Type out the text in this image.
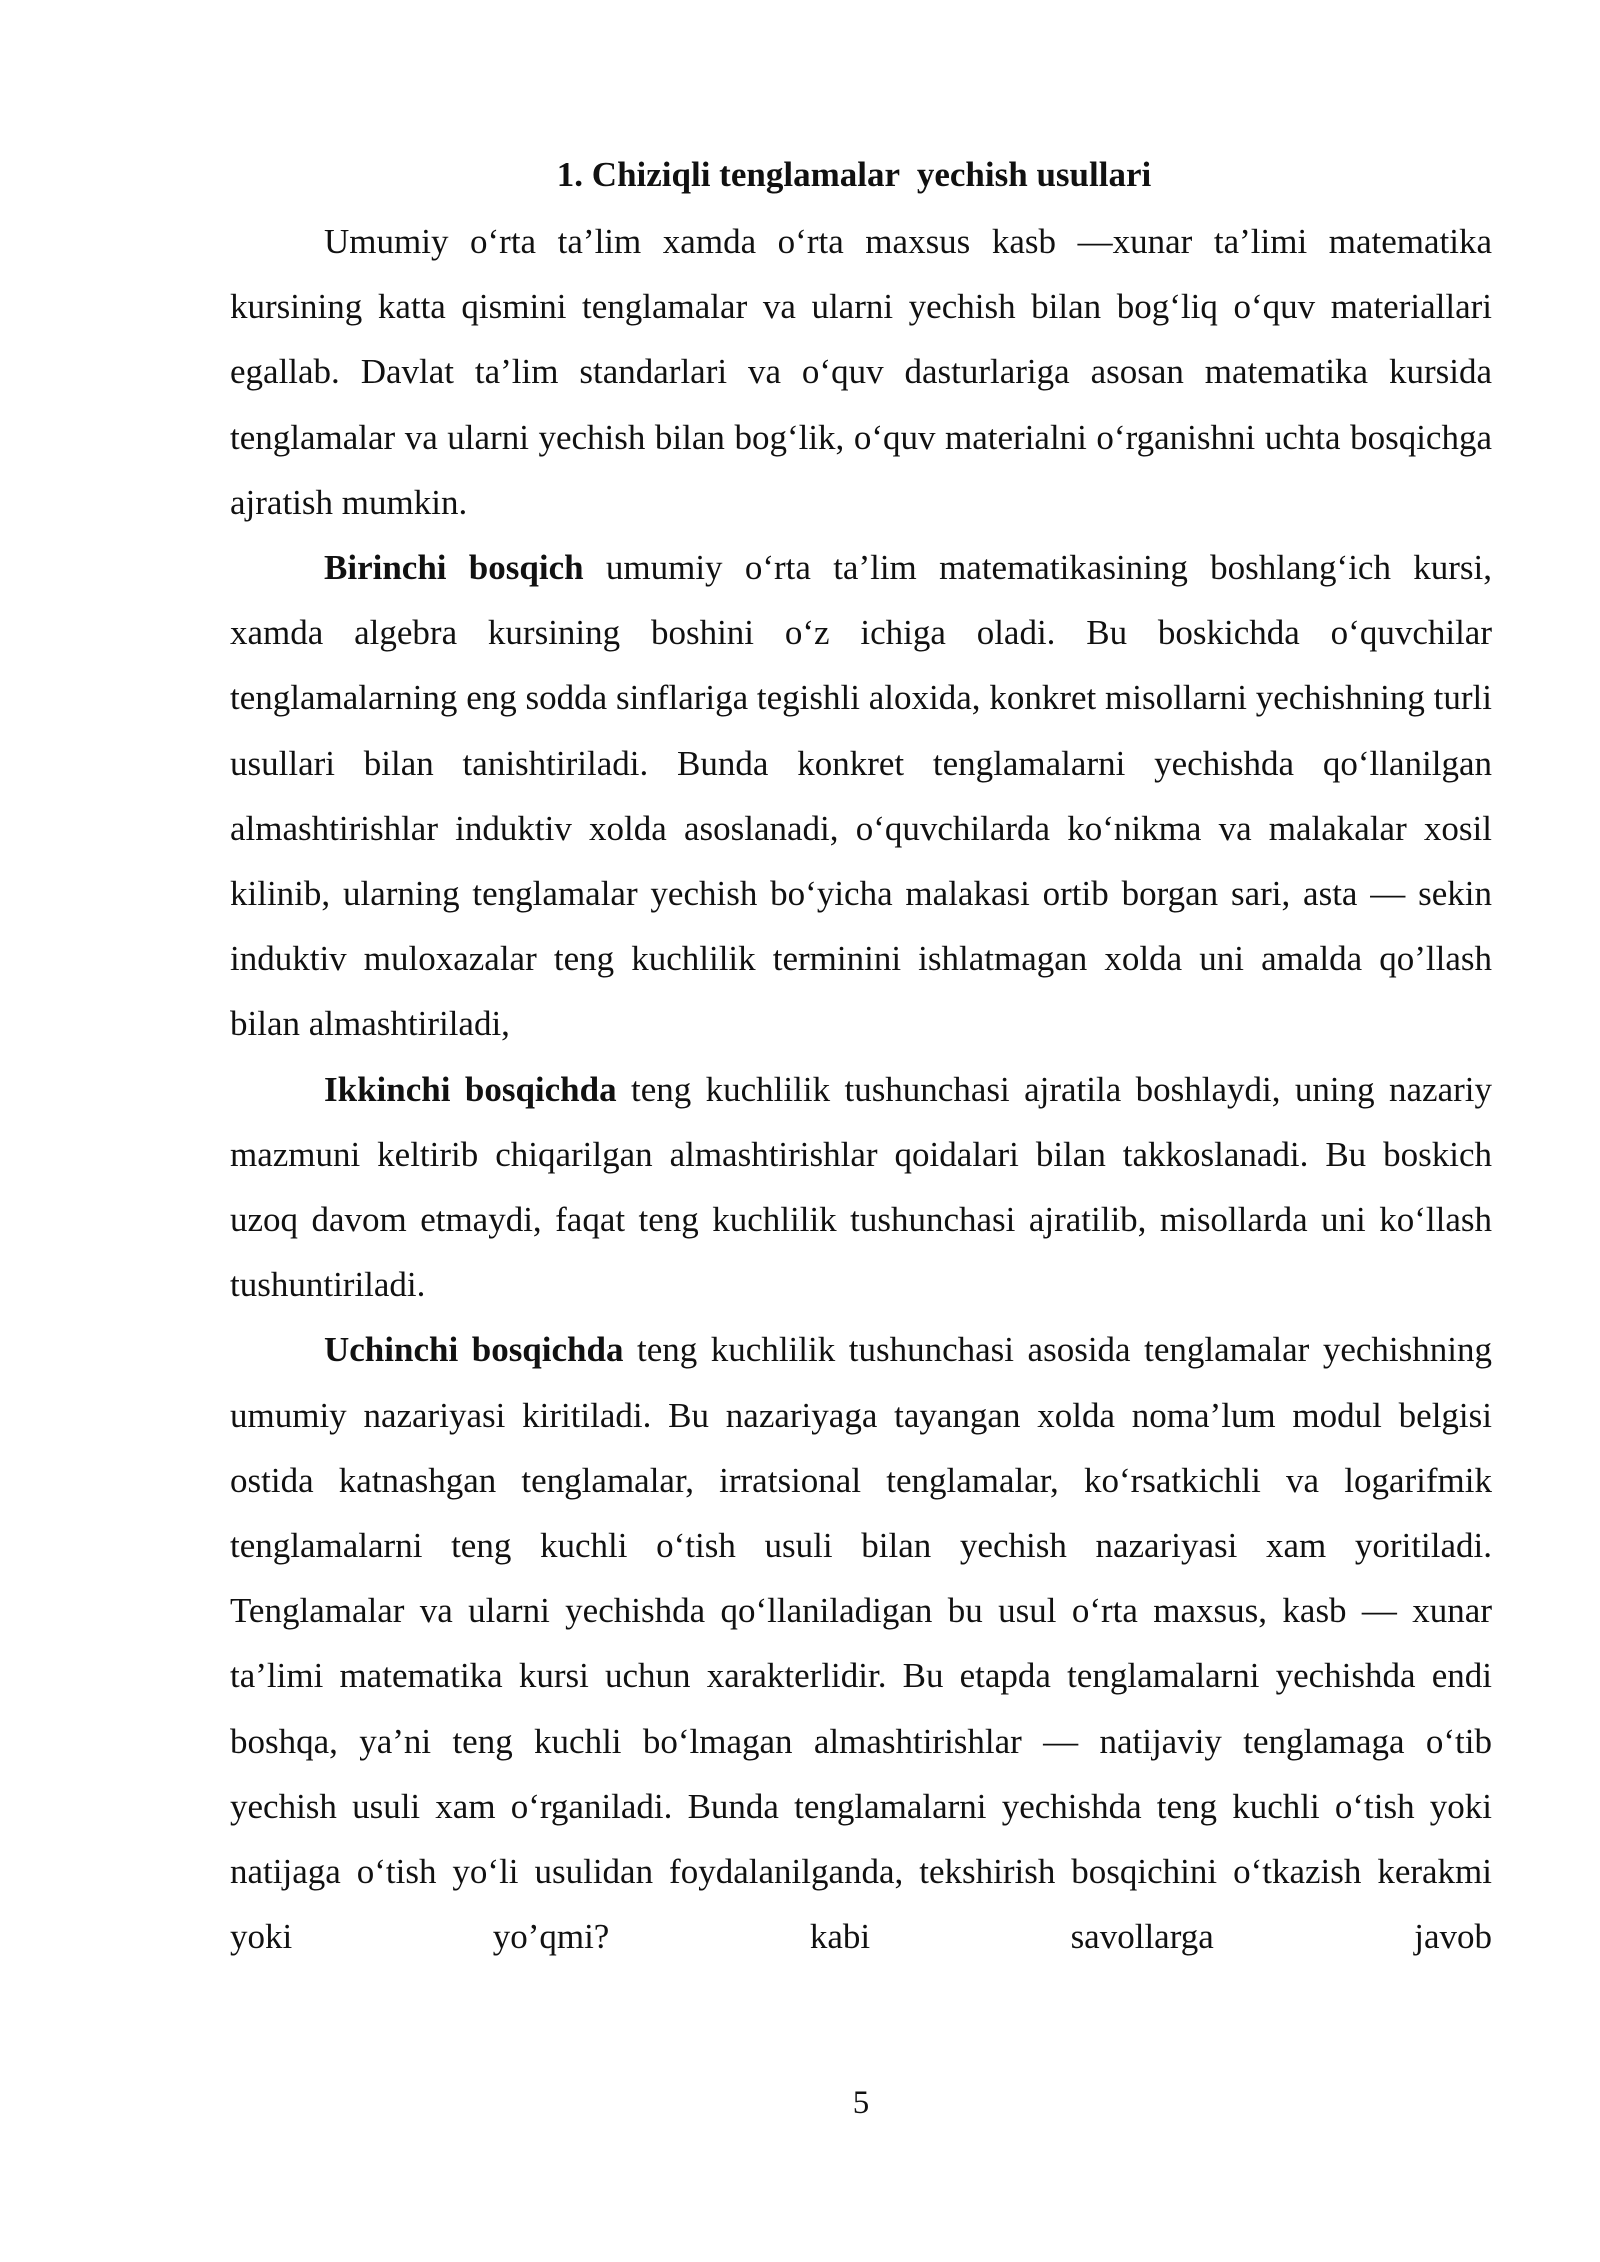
1. Chiziqli tenglamalar  yechish usullari

Umumiy o‘rta ta’lim xamda o‘rta maxsus kasb —xunar ta’limi matematika kursining katta qismini tenglamalar va ularni yechish bilan bog‘liq o‘quv materiallari egallab. Davlat ta’lim standarlari va o‘quv dasturlariga asosan matematika kursida tenglamalar va ularni yechish bilan bog‘lik, o‘quv materialni o‘rganishni uchta bosqichga ajratish mumkin.

Birinchi bosqich umumiy o‘rta ta’lim matematikasining boshlang‘ich kursi, xamda algebra kursining boshini o‘z ichiga oladi. Bu boskichda o‘quvchilar tenglamalarning eng sodda sinflariga tegishli aloxida, konkret misollarni yechishning turli usullari bilan tanishtiriladi. Bunda konkret tenglamalarni yechishda qo‘llanilgan almashtirishlar induktiv xolda asoslanadi, o‘quvchilarda ko‘nikma va malakalar xosil kilinib, ularning tenglamalar yechish bo‘yicha malakasi ortib borgan sari, asta — sekin induktiv muloxazalar teng kuchlilik terminini ishlatmagan xolda uni amalda qo’llash bilan almashtiriladi,

Ikkinchi bosqichda teng kuchlilik tushunchasi ajratila boshlaydi, uning nazariy mazmuni keltirib chiqarilgan almashtirishlar qoidalari bilan takkoslanadi. Bu boskich uzoq davom etmaydi, faqat teng kuchlilik tushunchasi ajratilib, misollarda uni ko‘llash tushuntiriladi.

Uchinchi bosqichda teng kuchlilik tushunchasi asosida tenglamalar yechishning umumiy nazariyasi kiritiladi. Bu nazariyaga tayangan xolda noma’lum modul belgisi ostida katnashgan tenglamalar, irratsional tenglamalar, ko‘rsatkichli va logarifmik tenglamalarni teng kuchli o‘tish usuli bilan yechish nazariyasi xam yoritiladi. Tenglamalar va ularni yechishda qo‘llaniladigan bu usul o‘rta maxsus, kasb — xunar ta’limi matematika kursi uchun xarakterlidir. Bu etapda tenglamalarni yechishda endi boshqa, ya’ni teng kuchli bo‘lmagan almashtirishlar — natijaviy tenglamaga o‘tib yechish usuli xam o‘rganiladi. Bunda tenglamalarni yechishda teng kuchli o‘tish yoki natijaga o‘tish yo‘li usulidan foydalanilganda, tekshirish bosqichini o‘tkazish kerakmi yoki yo’qmi? kabi savollarga javob

5
